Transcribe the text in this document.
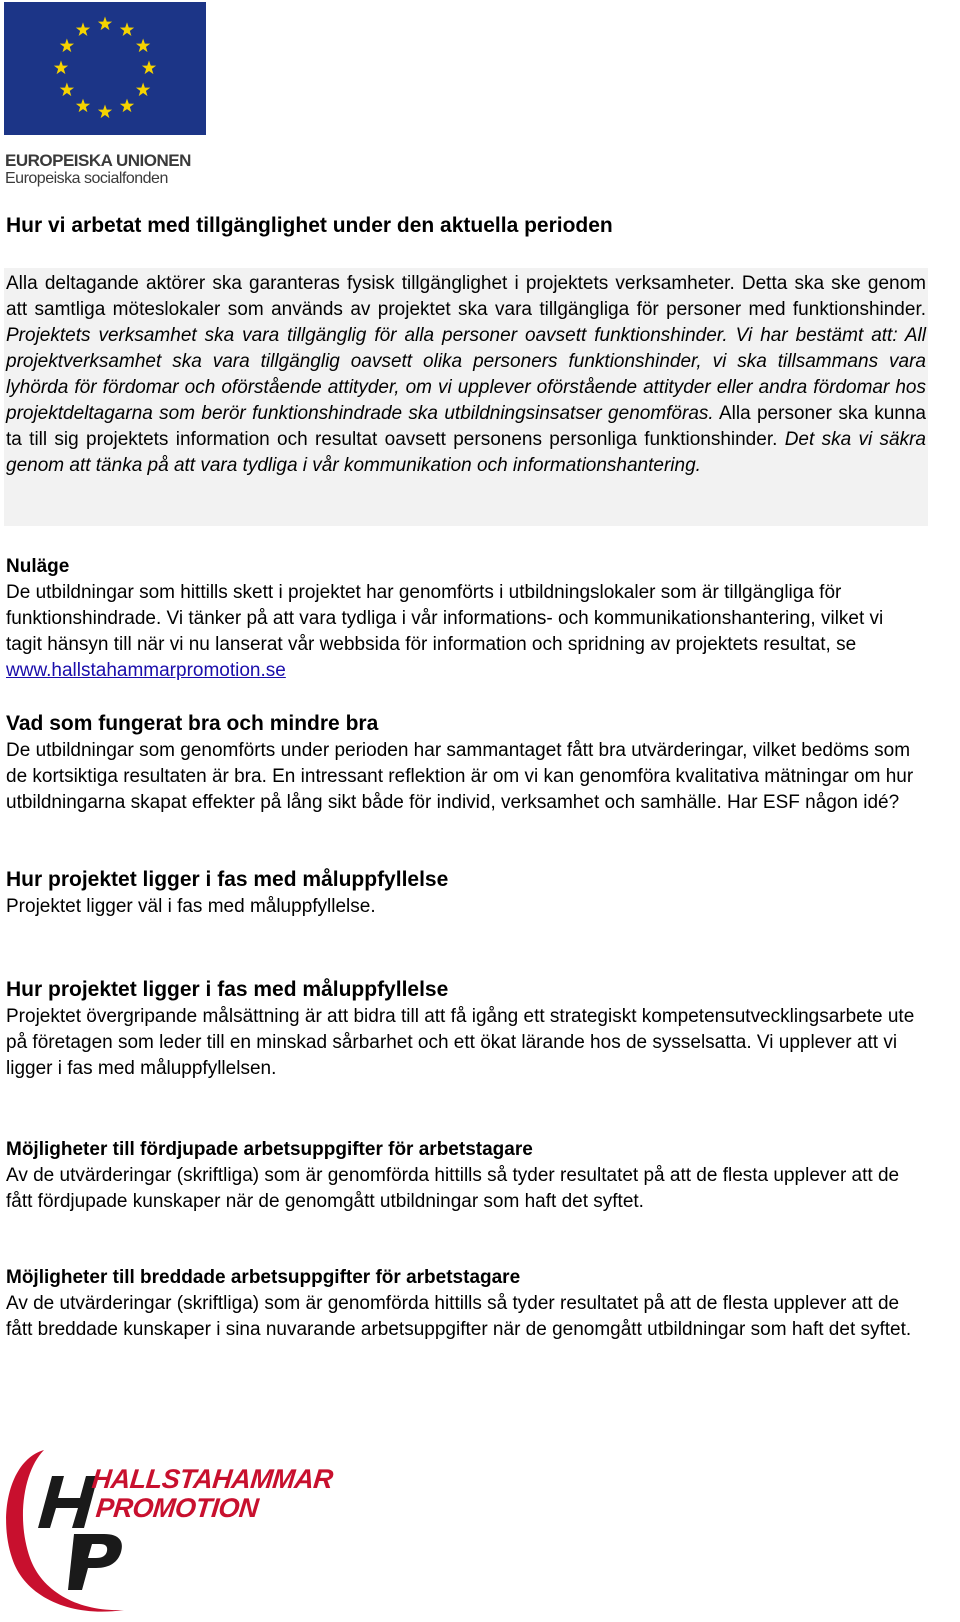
EUROPEISKA UNIONEN
Europeiska socialfonden
Hur vi arbetat med tillgänglighet under den aktuella perioden
Alla deltagande aktörer ska garanteras fysisk tillgänglighet i projektets verksamheter. Detta ska ske genom att samtliga möteslokaler som används av projektet ska vara tillgängliga för personer med funktionshinder. Projektets verksamhet ska vara tillgänglig för alla personer oavsett funktionshinder. Vi har bestämt att: All projektverksamhet ska vara tillgänglig oavsett olika personers funktionshinder, vi ska tillsammans vara lyhörda för fördomar och oförstående attityder, om vi upplever oförstående attityder eller andra fördomar hos projektdeltagarna som berör funktionshindrade ska utbildningsinsatser genomföras. Alla personer ska kunna ta till sig projektets information och resultat oavsett personens personliga funktionshinder. Det ska vi säkra genom att tänka på att vara tydliga i vår kommunikation och informationshantering.
Nuläge

De utbildningar som hittills skett i projektet har genomförts i utbildningslokaler som är tillgängliga för funktionshindrade. Vi tänker på att vara tydliga i vår informations- och kommunikationshantering, vilket vi tagit hänsyn till när vi nu lanserat vår webbsida för information och spridning av projektets resultat, se www.hallstahammarpromotion.se

Vad som fungerat bra och mindre bra

De utbildningar som genomförts under perioden har sammantaget fått bra utvärderingar, vilket bedöms som de kortsiktiga resultaten är bra. En intressant reflektion är om vi kan genomföra kvalitativa mätningar om hur utbildningarna skapat effekter på lång sikt både för individ, verksamhet och samhälle. Har ESF någon idé?

Hur projektet ligger i fas med måluppfyllelse

Projektet ligger väl i fas med måluppfyllelse.

Hur projektet ligger i fas med måluppfyllelse

Projektet övergripande målsättning är att bidra till att få igång ett strategiskt kompetensutvecklingsarbete ute på företagen som leder till en minskad sårbarhet och ett ökat lärande hos de sysselsatta. Vi upplever att vi ligger i fas med måluppfyllelsen.

Möjligheter till fördjupade arbetsuppgifter för arbetstagare

Av de utvärderingar (skriftliga) som är genomförda hittills så tyder resultatet på att de flesta upplever att de fått fördjupade kunskaper när de genomgått utbildningar som haft det syftet.

Möjligheter till breddade arbetsuppgifter för arbetstagare

Av de utvärderingar (skriftliga) som är genomförda hittills så tyder resultatet på att de flesta upplever att de fått breddade kunskaper i sina nuvarande arbetsuppgifter när de genomgått utbildningar som haft det syftet.

HALLSTAHAMMAR
PROMOTION
